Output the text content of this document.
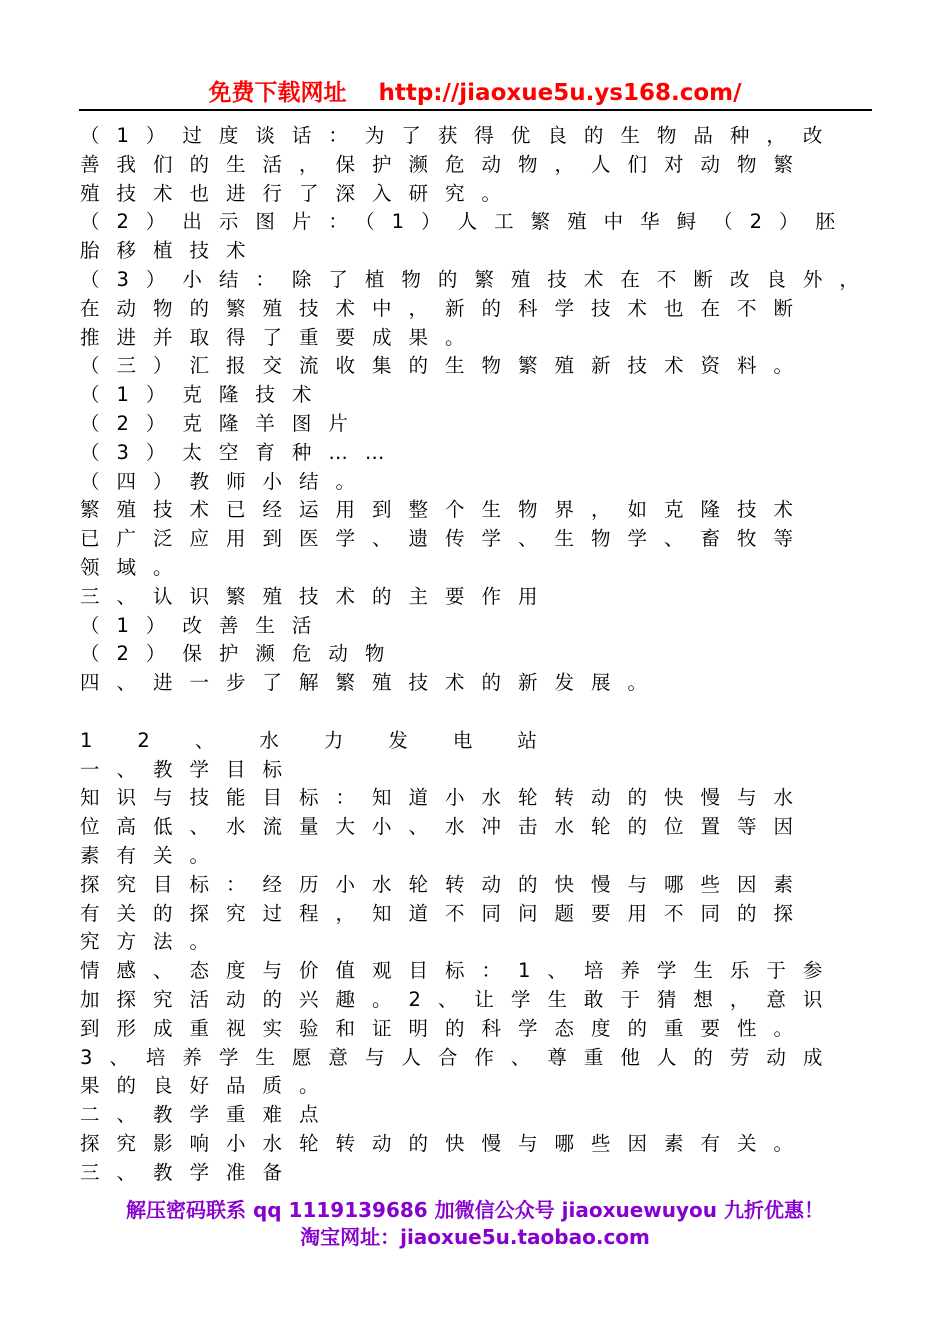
免费下载网址 http://jiaoxue5u.ys168.com/
（1）过度谈话：为了获得优良的生物品种，改
善我们的生活，保护濒危动物，人们对动物繁
殖技术也进行了深入研究。
（2）出示图片：（1）人工繁殖中华鲟（2）胚
胎移植技术
（3）小结：除了植物的繁殖技术在不断改良外，
在动物的繁殖技术中，新的科学技术也在不断
推进并取得了重要成果。
（三）汇报交流收集的生物繁殖新技术资料。
（1）克隆技术
（2）克隆羊图片
（3）太空育种……
（四）教师小结。
繁殖技术已经运用到整个生物界，如克隆技术
已广泛应用到医学、遗传学、生物学、畜牧等
领域。
三、认识繁殖技术的主要作用
（1）改善生活
（2）保护濒危动物
四、进一步了解繁殖技术的新发展。
12、水力发电站
一、教学目标
知识与技能目标：知道小水轮转动的快慢与水
位高低、水流量大小、水冲击水轮的位置等因
素有关。
探究目标：经历小水轮转动的快慢与哪些因素
有关的探究过程，知道不同问题要用不同的探
究方法。
情感、态度与价值观目标：1、培养学生乐于参
加探究活动的兴趣。2、让学生敢于猜想，意识
到形成重视实验和证明的科学态度的重要性。
3、培养学生愿意与人合作、尊重他人的劳动成
果的良好品质。
二、教学重难点
探究影响小水轮转动的快慢与哪些因素有关。
三、教学准备
解压密码联系 qq 1119139686 加微信公众号 jiaoxuewuyou 九折优惠！
淘宝网址：jiaoxue5u.taobao.com
